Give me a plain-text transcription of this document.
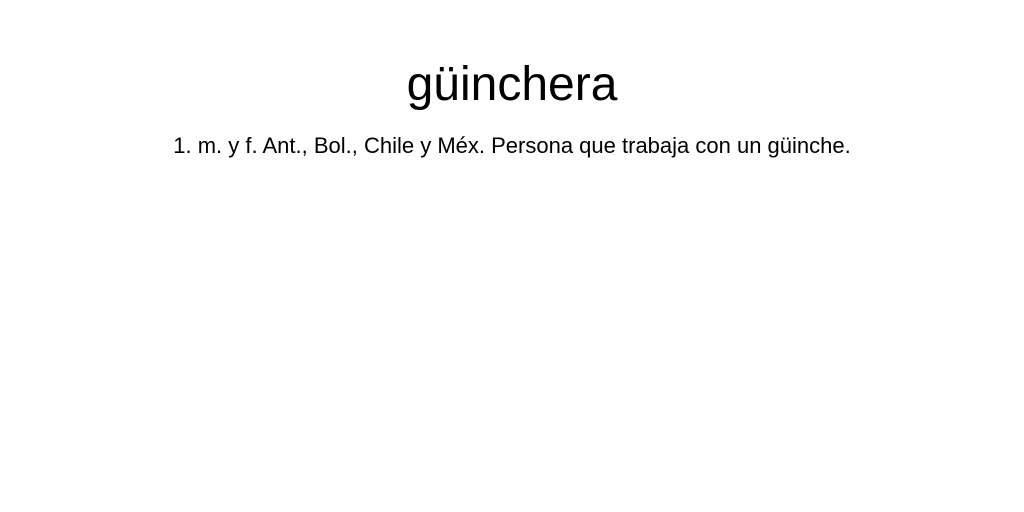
güinchera

1. m. y f. Ant., Bol., Chile y Méx. Persona que trabaja con un güinche.
